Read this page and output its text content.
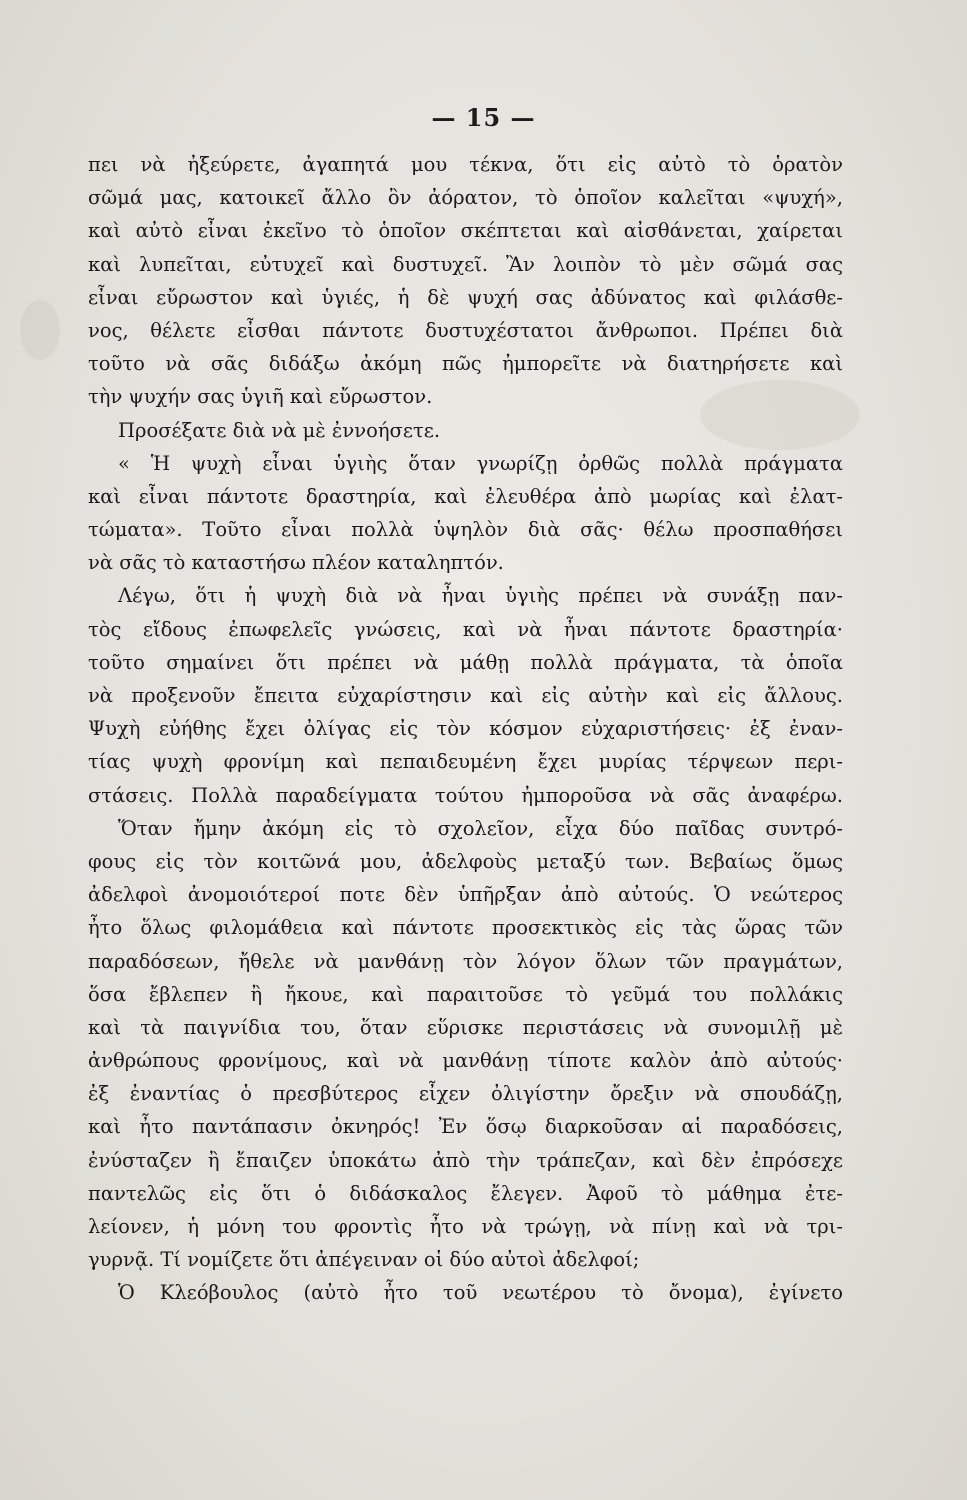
— 15 —
πει νὰ ἠξεύρετε, ἀγαπητά μου τέκνα, ὅτι εἰς αὐτὸ τὸ ὁρατὸν
σῶμά μας, κατοικεῖ ἄλλο ὂν ἀόρατον, τὸ ὁποῖον καλεῖται «ψυχή»,
καὶ αὐτὸ εἶναι ἐκεῖνο τὸ ὁποῖον σκέπτεται καὶ αἰσθάνεται, χαίρεται
καὶ λυπεῖται, εὐτυχεῖ καὶ δυστυχεῖ. Ἂν λοιπὸν τὸ μὲν σῶμά σας
εἶναι εὔρωστον καὶ ὑγιές, ἡ δὲ ψυχή σας ἀδύνατος καὶ φιλάσθε-
νος, θέλετε εἶσθαι πάντοτε δυστυχέστατοι ἄνθρωποι. Πρέπει διὰ
τοῦτο νὰ σᾶς διδάξω ἀκόμη πῶς ἠμπορεῖτε νὰ διατηρήσετε καὶ
τὴν ψυχήν σας ὑγιῆ καὶ εὔρωστον.
Προσέξατε διὰ νὰ μὲ ἐννοήσετε.
« Ἡ ψυχὴ εἶναι ὑγιὴς ὅταν γνωρίζῃ ὀρθῶς πολλὰ πράγματα
καὶ εἶναι πάντοτε δραστηρία, καὶ ἐλευθέρα ἀπὸ μωρίας καὶ ἐλατ-
τώματα». Τοῦτο εἶναι πολλὰ ὑψηλὸν διὰ σᾶς· θέλω προσπαθήσει
νὰ σᾶς τὸ καταστήσω πλέον καταληπτόν.
Λέγω, ὅτι ἡ ψυχὴ διὰ νὰ ἦναι ὑγιὴς πρέπει νὰ συνάξῃ παν-
τὸς εἴδους ἐπωφελεῖς γνώσεις, καὶ νὰ ἦναι πάντοτε δραστηρία·
τοῦτο σημαίνει ὅτι πρέπει νὰ μάθῃ πολλὰ πράγματα, τὰ ὁποῖα
νὰ προξενοῦν ἔπειτα εὐχαρίστησιν καὶ εἰς αὐτὴν καὶ εἰς ἄλλους.
Ψυχὴ εὐήθης ἔχει ὀλίγας εἰς τὸν κόσμον εὐχαριστήσεις· ἐξ ἐναν-
τίας ψυχὴ φρονίμη καὶ πεπαιδευμένη ἔχει μυρίας τέρψεων περι-
στάσεις. Πολλὰ παραδείγματα τούτου ἠμποροῦσα νὰ σᾶς ἀναφέρω.
Ὅταν ἤμην ἀκόμη εἰς τὸ σχολεῖον, εἶχα δύο παῖδας συντρό-
φους εἰς τὸν κοιτῶνά μου, ἀδελφοὺς μεταξύ των. Βεβαίως ὅμως
ἀδελφοὶ ἀνομοιότεροί ποτε δὲν ὑπῆρξαν ἀπὸ αὐτούς. Ὁ νεώτερος
ἦτο ὅλως φιλομάθεια καὶ πάντοτε προσεκτικὸς εἰς τὰς ὥρας τῶν
παραδόσεων, ἤθελε νὰ μανθάνῃ τὸν λόγον ὅλων τῶν πραγμάτων,
ὅσα ἔβλεπεν ἢ ἤκουε, καὶ παραιτοῦσε τὸ γεῦμά του πολλάκις
καὶ τὰ παιγνίδια του, ὅταν εὕρισκε περιστάσεις νὰ συνομιλῇ μὲ
ἀνθρώπους φρονίμους, καὶ νὰ μανθάνῃ τίποτε καλὸν ἀπὸ αὐτούς·
ἐξ ἐναντίας ὁ πρεσβύτερος εἶχεν ὀλιγίστην ὄρεξιν νὰ σπουδάζῃ,
καὶ ἦτο παντάπασιν ὀκνηρός! Ἐν ὅσῳ διαρκοῦσαν αἱ παραδόσεις,
ἐνύσταζεν ἢ ἔπαιζεν ὑποκάτω ἀπὸ τὴν τράπεζαν, καὶ δὲν ἐπρόσεχε
παντελῶς εἰς ὅτι ὁ διδάσκαλος ἔλεγεν. Ἀφοῦ τὸ μάθημα ἐτε-
λείονεν, ἡ μόνη του φροντὶς ἦτο νὰ τρώγῃ, νὰ πίνῃ καὶ νὰ τρι-
γυρνᾷ. Τί νομίζετε ὅτι ἀπέγειναν οἱ δύο αὐτοὶ ἀδελφοί;
Ὁ Κλεόβουλος (αὐτὸ ἦτο τοῦ νεωτέρου τὸ ὄνομα), ἐγίνετο
